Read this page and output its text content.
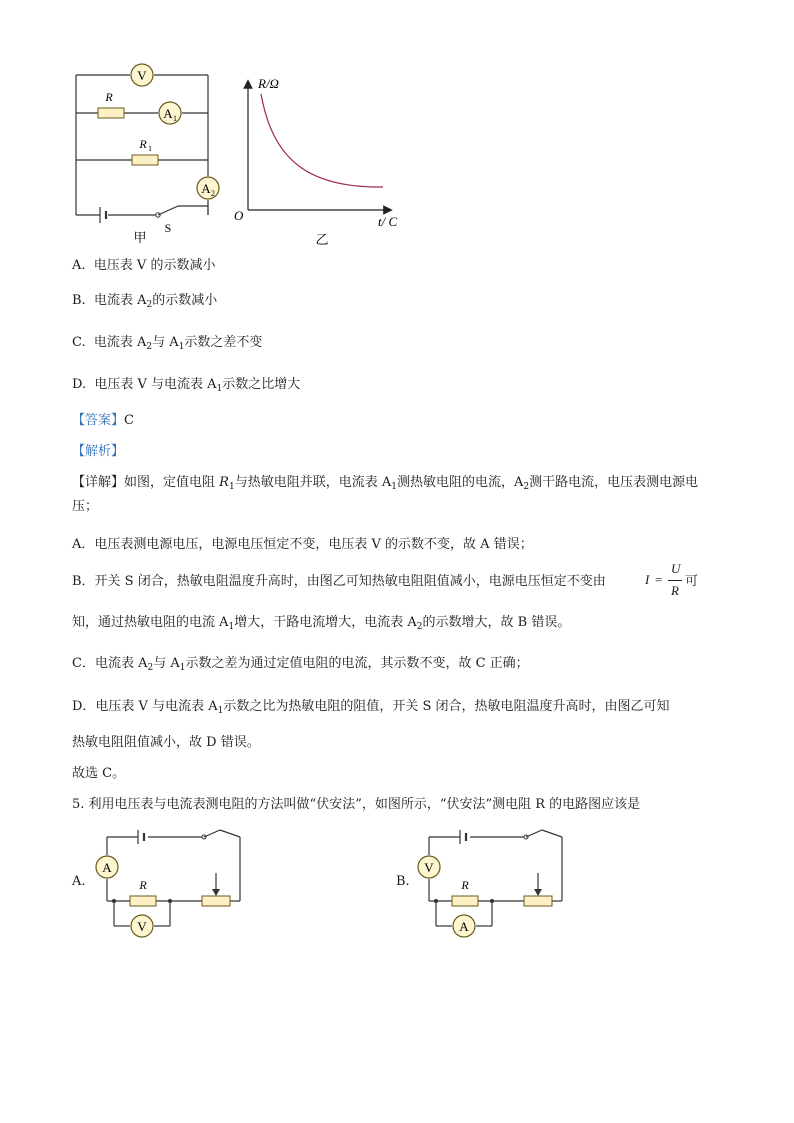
V
R
A 1
R 1
A 2
S
甲
R/Ω
O	t/ C
乙
A. 电压表 V 的示数减小
B. 电流表 $A_2$的示数减小
C. 电流表 $A_2$与 $A_1$示数之差不变
D. 电压表 V 与电流表 $A_1$示数之比增大
【答案】C
【解析】
【详解】如图，定值电阻 $R_1$与热敏电阻并联，电流表 $A_1$测热敏电阻的电流，$A_2$测干路电流，电压表测电源电压；
A．电压表测电源电压，电源电压恒定不变，电压表 V 的示数不变，故 A 错误；
B．开关 S 闭合，热敏电阻温度升高时，由图乙可知热敏电阻阻值减小，电源电压恒定不变由	I =
U
R
可
知，通过热敏电阻的电流 $A_1$增大，干路电流增大，电流表 $A_2$的示数增大，故 B 错误。
C．电流表 $A_2$与 $A_1$示数之差为通过定值电阻的电流，其示数不变，故 C 正确；
D．电压表 V 与电流表 $A_1$示数之比为热敏电阻的阻值，开关 S 闭合，热敏电阻温度升高时，由图乙可知
热敏电阻阻值减小，故 D 错误。
故选 C。
5. 利用电压表与电流表测电阻的方法叫做“伏安法”，如图所示，“伏安法”测电阻 R 的电路图应该是
A.
A
R
V
B.
V
R
A
